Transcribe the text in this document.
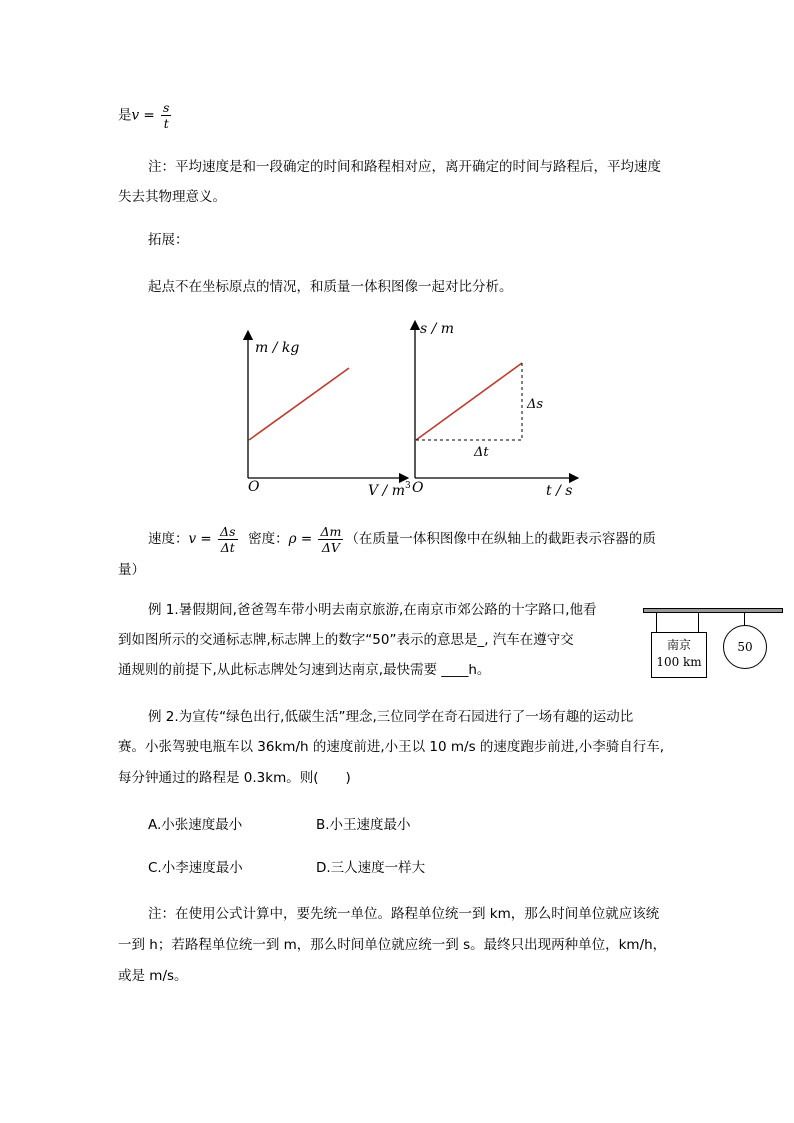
是$v = \frac{s}{t}$
注：平均速度是和一段确定的时间和路程相对应，离开确定的时间与路程后，平均速度
失去其物理意义。
拓展：
起点不在坐标原点的情况，和质量一体积图像一起对比分析。
m / kg
O	V / $m^3$
s / m
Δs
Δt
O	t / s
速度：$v = \frac{\Delta s}{\Delta t}$ 密度：$\rho = \frac{\Delta m}{\Delta V}$ （在质量一体积图像中在纵轴上的截距表示容器的质
量）
例 1.暑假期间,爸爸驾车带小明去南京旅游,在南京市郊公路的十字路口,他看
到如图所示的交通标志牌,标志牌上的数字“50”表示的意思是_, 汽车在遵守交
通规则的前提下,从此标志牌处匀速到达南京,最快需要 ____h。
南京
100 km
50
例 2.为宣传“绿色出行,低碳生活”理念,三位同学在奇石园进行了一场有趣的运动比
赛。小张驾驶电瓶车以 36km/h 的速度前进,小王以 10 m/s 的速度跑步前进,小李骑自行车,
每分钟通过的路程是 0.3km。则(　　)
A.小张速度最小	B.小王速度最小
C.小李速度最小	D.三人速度一样大
注：在使用公式计算中，要先统一单位。路程单位统一到 km，那么时间单位就应该统
一到 h；若路程单位统一到 m，那么时间单位就应统一到 s。最终只出现两种单位，km/h，
或是 m/s。
